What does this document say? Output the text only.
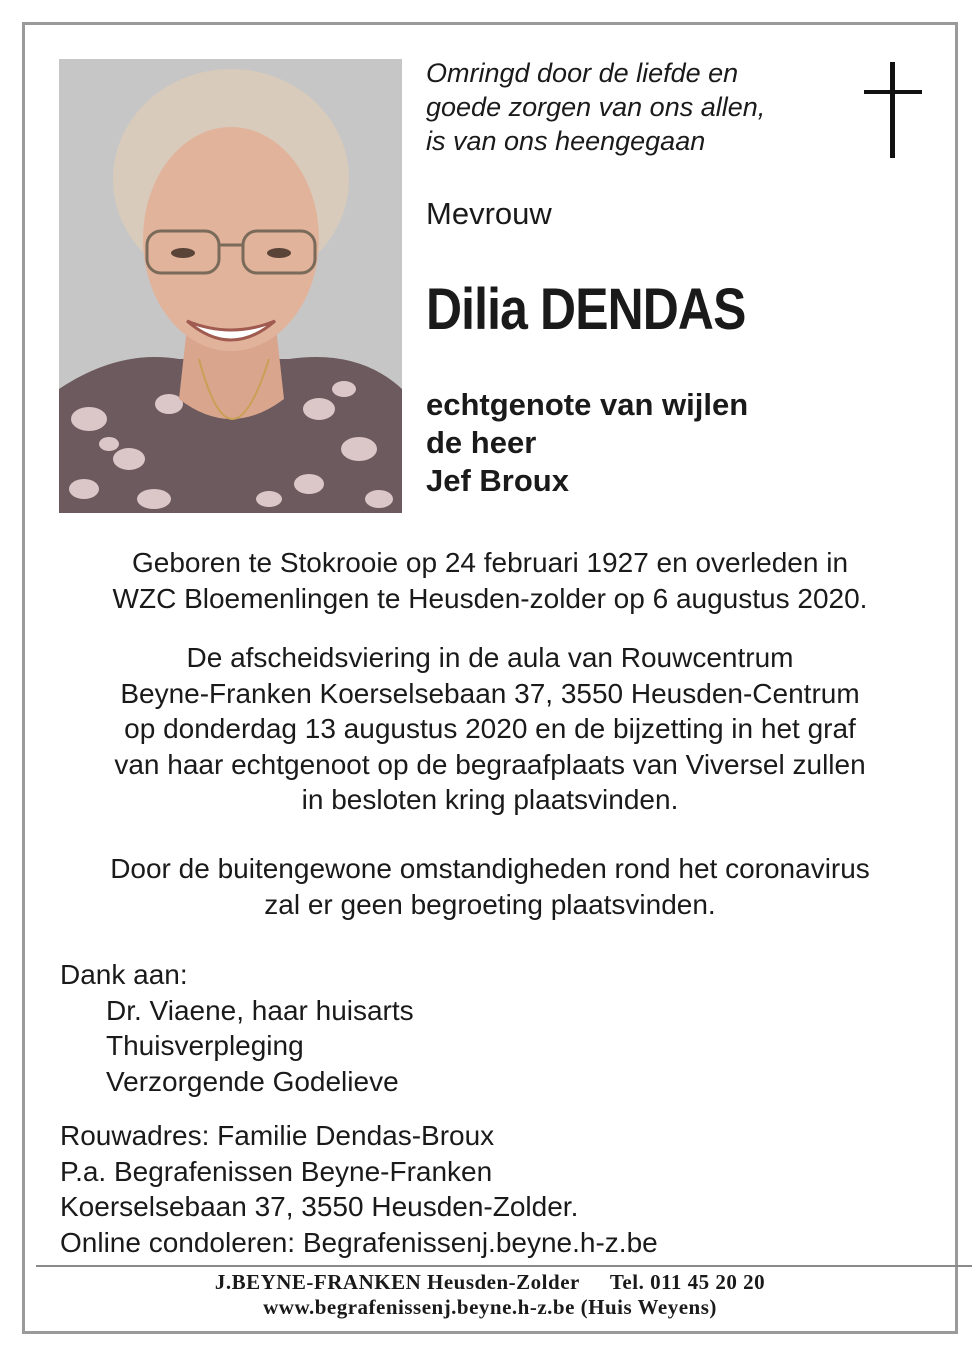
Omringd door de liefde en
goede zorgen van ons allen,
is van ons heengegaan
Mevrouw
Dilia DENDAS
echtgenote van wijlen
de heer
Jef Broux
Geboren te Stokrooie op 24 februari 1927 en overleden in
WZC Bloemenlingen te Heusden-zolder op 6 augustus 2020.
De afscheidsviering in de aula van Rouwcentrum
Beyne-Franken Koerselsebaan 37, 3550 Heusden-Centrum
op donderdag 13 augustus 2020 en de bijzetting in het graf
van haar echtgenoot op de begraafplaats van Viversel zullen
in besloten kring plaatsvinden.
Door de buitengewone omstandigheden rond het coronavirus
zal er geen begroeting plaatsvinden.
Dank aan:
Dr. Viaene, haar huisarts
Thuisverpleging
Verzorgende Godelieve
Rouwadres: Familie Dendas-Broux
P.a. Begrafenissen Beyne-Franken
Koerselsebaan 37, 3550 Heusden-Zolder.
Online condoleren: Begrafenissenj.beyne.h-z.be
J.BEYNE-FRANKEN Heusden-Zolder Tel. 011 45 20 20
www.begrafenissenj.beyne.h-z.be (Huis Weyens)
